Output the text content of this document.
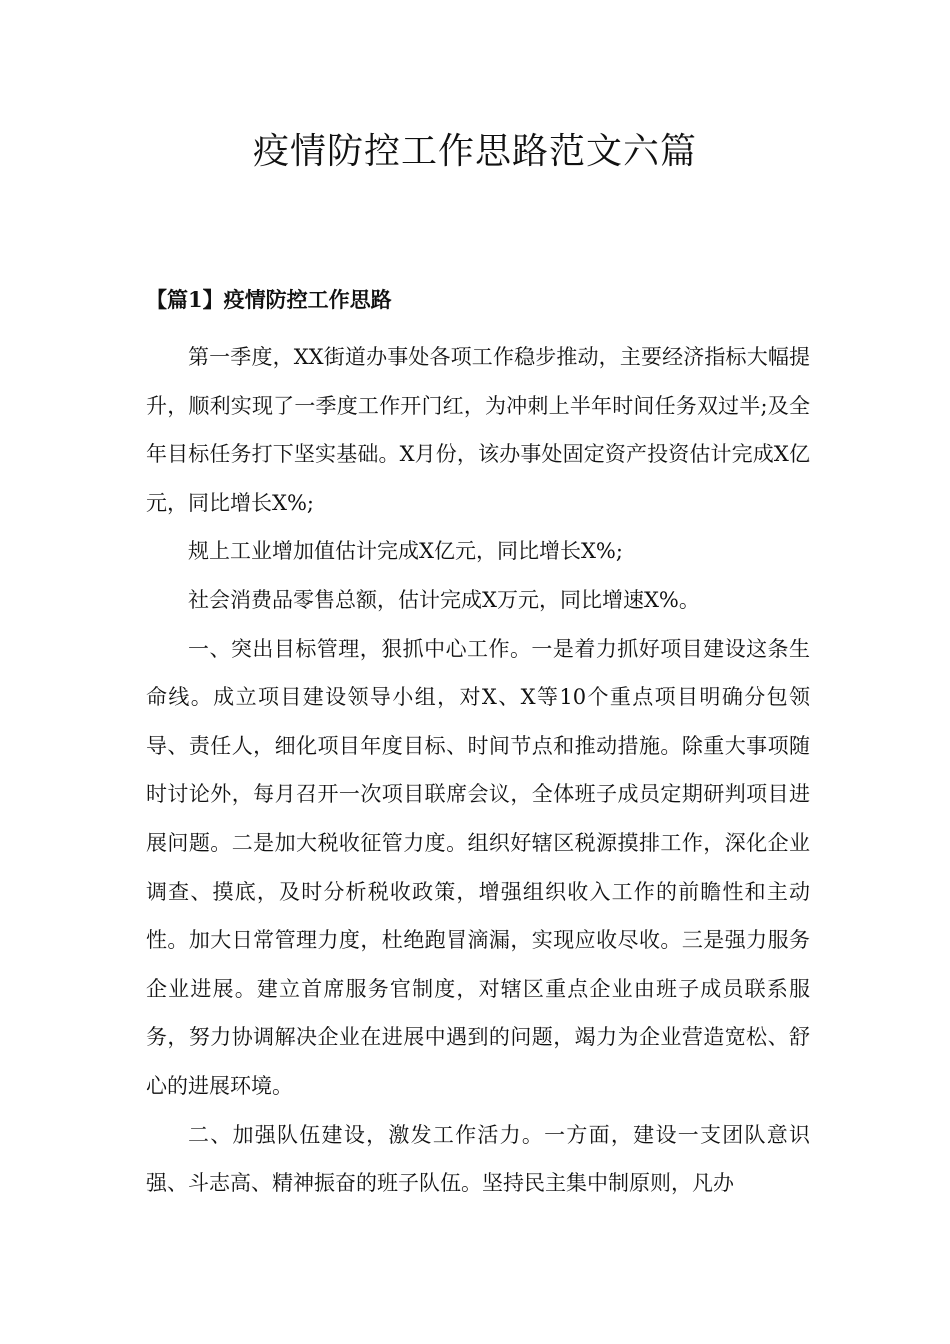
疫情防控工作思路范文六篇
【篇1】疫情防控工作思路

第一季度，XX街道办事处各项工作稳步推动，主要经济指标大幅提升，顺利实现了一季度工作开门红，为冲刺上半年时间任务双过半;及全年目标任务打下坚实基础。X月份，该办事处固定资产投资估计完成X亿元，同比增长X%;

规上工业增加值估计完成X亿元，同比增长X%;

社会消费品零售总额，估计完成X万元，同比增速X%。

一、突出目标管理，狠抓中心工作。一是着力抓好项目建设这条生命线。成立项目建设领导小组，对X、X等10个重点项目明确分包领导、责任人，细化项目年度目标、时间节点和推动措施。除重大事项随时讨论外，每月召开一次项目联席会议，全体班子成员定期研判项目进展问题。二是加大税收征管力度。组织好辖区税源摸排工作，深化企业调查、摸底，及时分析税收政策，增强组织收入工作的前瞻性和主动性。加大日常管理力度，杜绝跑冒滴漏，实现应收尽收。三是强力服务企业进展。建立首席服务官制度，对辖区重点企业由班子成员联系服务，努力协调解决企业在进展中遇到的问题，竭力为企业营造宽松、舒心的进展环境。

二、加强队伍建设，激发工作活力。一方面，建设一支团队意识强、斗志高、精神振奋的班子队伍。坚持民主集中制原则，凡办
